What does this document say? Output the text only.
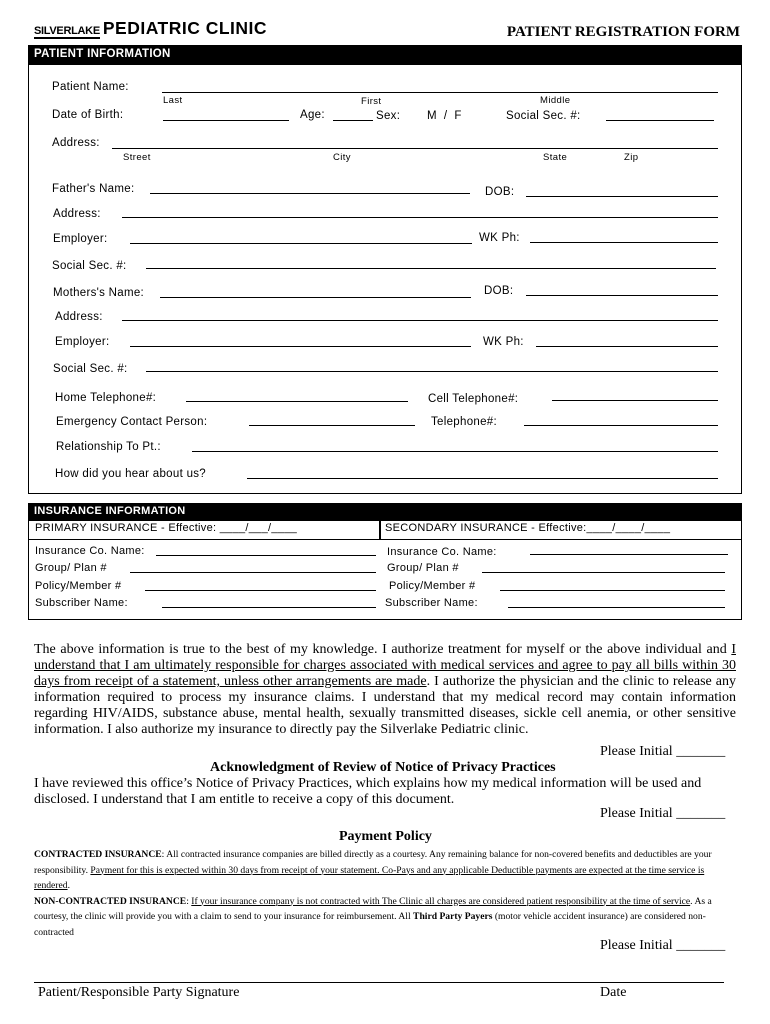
SILVERLAKE PEDIATRIC CLINIC	PATIENT REGISTRATION FORM
PATIENT INFORMATION
Patient Name:
Last	First	Middle
Date of Birth:	Age:	Sex: M  /  F	Social Sec. #:
Address:
Street	City	State	Zip
Father's Name:	DOB:
Address:
Employer:	WK Ph:
Social Sec. #:
Mothers's Name:	DOB:
Address:
Employer:	WK Ph:
Social Sec. #:
Home Telephone#:	Cell Telephone#:
Emergency Contact Person:	Telephone#:
Relationship To Pt.:
How did you hear about us?
INSURANCE INFORMATION
PRIMARY INSURANCE - Effective: ____/___/____	SECONDARY INSURANCE - Effective:____/____/____
Insurance Co. Name:
Group/ Plan #
Policy/Member #
Subscriber Name:
Insurance Co. Name:
Group/ Plan #
Policy/Member #
Subscriber Name:
The above information is true to the best of my knowledge. I authorize treatment for myself or the above individual and I understand that I am ultimately responsible for charges associated with medical services and agree to pay all bills within 30 days from receipt of a statement, unless other arrangements are made. I authorize the physician and the clinic to release any information required to process my insurance claims. I understand that my medical record may contain information regarding HIV/AIDS, substance abuse, mental health, sexually transmitted diseases, sickle cell anemia, or other sensitive information. I also authorize my insurance to directly pay the Silverlake Pediatric clinic.
Please Initial _______
Acknowledgment of Review of Notice of Privacy Practices
I have reviewed this office’s Notice of Privacy Practices, which explains how my medical information will be used and disclosed. I understand that I am entitle to receive a copy of this document.
Please Initial _______
Payment Policy
CONTRACTED INSURANCE: All contracted insurance companies are billed directly as a courtesy. Any remaining balance for non-covered benefits and deductibles are your responsibility. Payment for this is expected within 30 days from receipt of your statement. Co-Pays and any applicable Deductible payments are expected at the time service is rendered.
NON-CONTRACTED INSURANCE: If your insurance company is not contracted with The Clinic all charges are considered patient responsibility at the time of service. As a courtesy, the clinic will provide you with a claim to send to your insurance for reimbursement. All Third Party Payers (motor vehicle accident insurance) are considered non-contracted
Please Initial _______
Patient/Responsible Party Signature	Date
